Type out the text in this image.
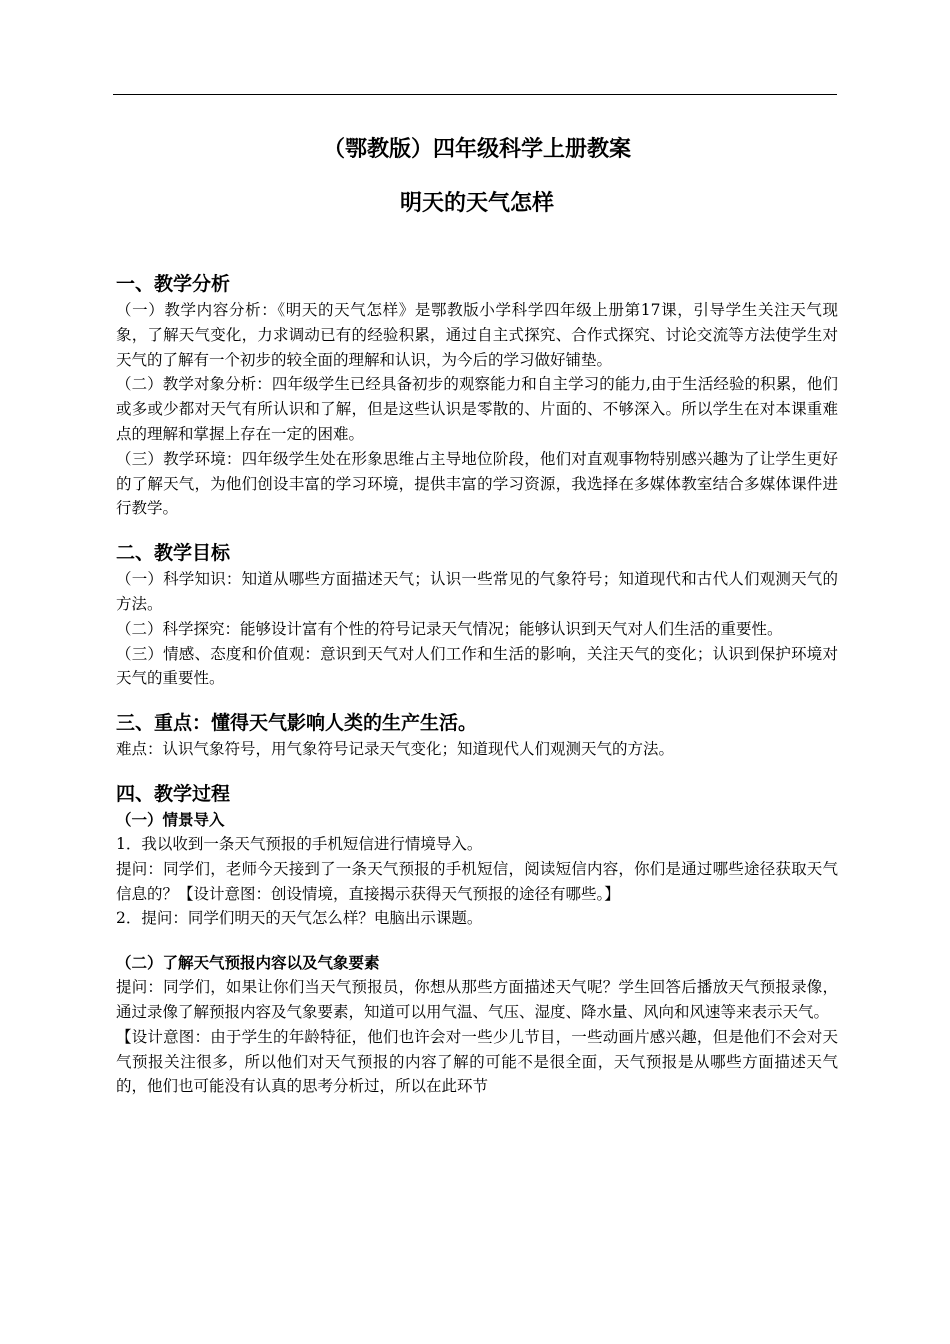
（鄂教版）四年级科学上册教案
明天的天气怎样
一、教学分析

（一）教学内容分析：《明天的天气怎样》是鄂教版小学科学四年级上册第17课，引导学生关注天气现象，了解天气变化，力求调动已有的经验积累，通过自主式探究、合作式探究、讨论交流等方法使学生对天气的了解有一个初步的较全面的理解和认识，为今后的学习做好铺垫。

（二）教学对象分析：四年级学生已经具备初步的观察能力和自主学习的能力,由于生活经验的积累，他们或多或少都对天气有所认识和了解，但是这些认识是零散的、片面的、不够深入。所以学生在对本课重难点的理解和掌握上存在一定的困难。

（三）教学环境：四年级学生处在形象思维占主导地位阶段，他们对直观事物特别感兴趣为了让学生更好的了解天气，为他们创设丰富的学习环境，提供丰富的学习资源，我选择在多媒体教室结合多媒体课件进行教学。

二、教学目标

（一）科学知识：知道从哪些方面描述天气；认识一些常见的气象符号；知道现代和古代人们观测天气的方法。

（二）科学探究：能够设计富有个性的符号记录天气情况；能够认识到天气对人们生活的重要性。

（三）情感、态度和价值观：意识到天气对人们工作和生活的影响，关注天气的变化；认识到保护环境对天气的重要性。

三、重点：懂得天气影响人类的生产生活。

难点：认识气象符号，用气象符号记录天气变化；知道现代人们观测天气的方法。

四、教学过程
（一）情景导入

1．我以收到一条天气预报的手机短信进行情境导入。

提问：同学们，老师今天接到了一条天气预报的手机短信，阅读短信内容，你们是通过哪些途径获取天气信息的？【设计意图：创设情境，直接揭示获得天气预报的途径有哪些。】

2．提问：同学们明天的天气怎么样？电脑出示课题。

（二）了解天气预报内容以及气象要素

提问：同学们，如果让你们当天气预报员，你想从那些方面描述天气呢？学生回答后播放天气预报录像，通过录像了解预报内容及气象要素，知道可以用气温、气压、湿度、降水量、风向和风速等来表示天气。

【设计意图：由于学生的年龄特征，他们也许会对一些少儿节目，一些动画片感兴趣，但是他们不会对天气预报关注很多，所以他们对天气预报的内容了解的可能不是很全面，天气预报是从哪些方面描述天气的，他们也可能没有认真的思考分析过，所以在此环节
